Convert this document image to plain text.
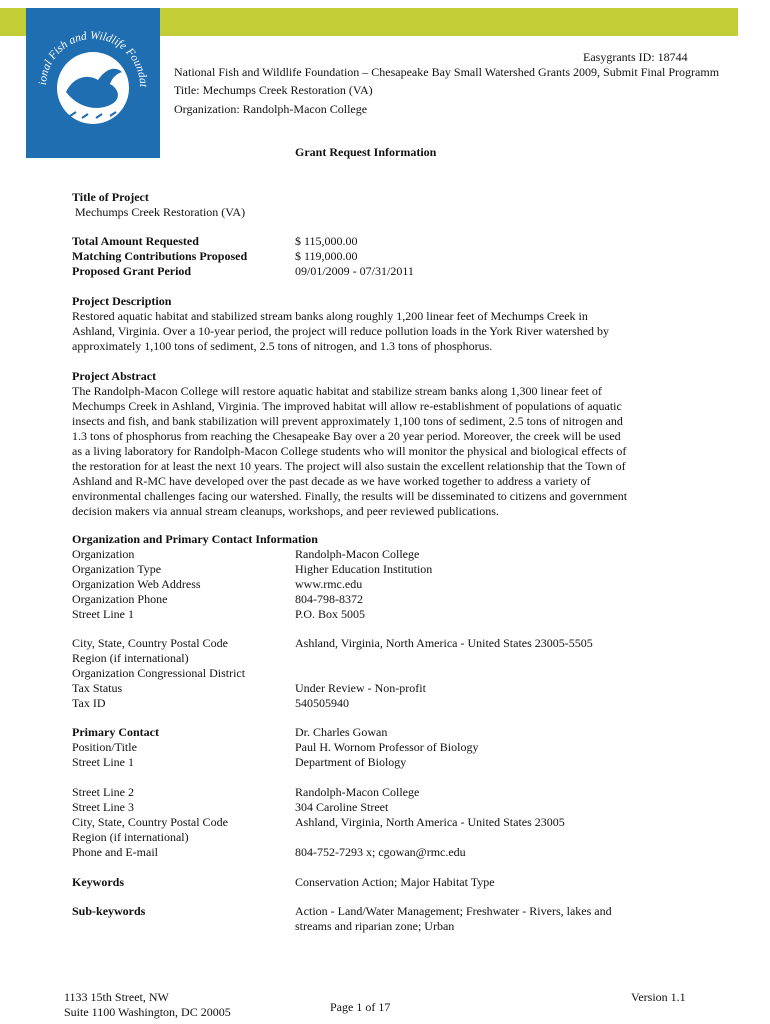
ional Fish and Wildlife Foundat
Easygrants ID: 18744
National Fish and Wildlife Foundation – Chesapeake Bay Small Watershed Grants 2009, Submit Final Programm
Title: Mechumps Creek Restoration (VA)
Organization: Randolph-Macon College
Grant Request Information
Title of Project
Mechumps Creek Restoration (VA)
Total Amount Requested	$ 115,000.00
Matching Contributions Proposed	$ 119,000.00
Proposed Grant Period	09/01/2009 - 07/31/2011
Project Description
Restored aquatic habitat and stabilized stream banks along roughly 1,200 linear feet of Mechumps Creek in
Ashland, Virginia. Over a 10-year period, the project will reduce pollution loads in the York River watershed by
approximately 1,100 tons of sediment, 2.5 tons of nitrogen, and 1.3 tons of phosphorus.
Project Abstract
The Randolph-Macon College will restore aquatic habitat and stabilize stream banks along 1,300 linear feet of
Mechumps Creek in Ashland, Virginia. The improved habitat will allow re-establishment of populations of aquatic
insects and fish, and bank stabilization will prevent approximately 1,100 tons of sediment, 2.5 tons of nitrogen and
1.3 tons of phosphorus from reaching the Chesapeake Bay over a 20 year period. Moreover, the creek will be used
as a living laboratory for Randolph-Macon College students who will monitor the physical and biological effects of
the restoration for at least the next 10 years. The project will also sustain the excellent relationship that the Town of
Ashland and R-MC have developed over the past decade as we have worked together to address a variety of
environmental challenges facing our watershed. Finally, the results will be disseminated to citizens and government
decision makers via annual stream cleanups, workshops, and peer reviewed publications.
Organization and Primary Contact Information
Organization	Randolph-Macon College
Organization Type	Higher Education Institution
Organization Web Address	www.rmc.edu
Organization Phone	804-798-8372
Street Line 1	P.O. Box 5005
City, State, Country Postal Code	Ashland, Virginia, North America - United States 23005-5505
Region (if international)
Organization Congressional District
Tax Status	Under Review - Non-profit
Tax ID	540505940
Primary Contact	Dr. Charles Gowan
Position/Title	Paul H. Wornom Professor of Biology
Street Line 1	Department of Biology
Street Line 2	Randolph-Macon College
Street Line 3	304 Caroline Street
City, State, Country Postal Code	Ashland, Virginia, North America - United States 23005
Region (if international)
Phone and E-mail	804-752-7293 x; cgowan@rmc.edu
Keywords	Conservation Action; Major Habitat Type
Sub-keywords	Action - Land/Water Management; Freshwater - Rivers, lakes and
streams and riparian zone; Urban
1133 15th Street, NW
Suite 1100 Washington, DC 20005	Page 1 of 17
Version 1.1
